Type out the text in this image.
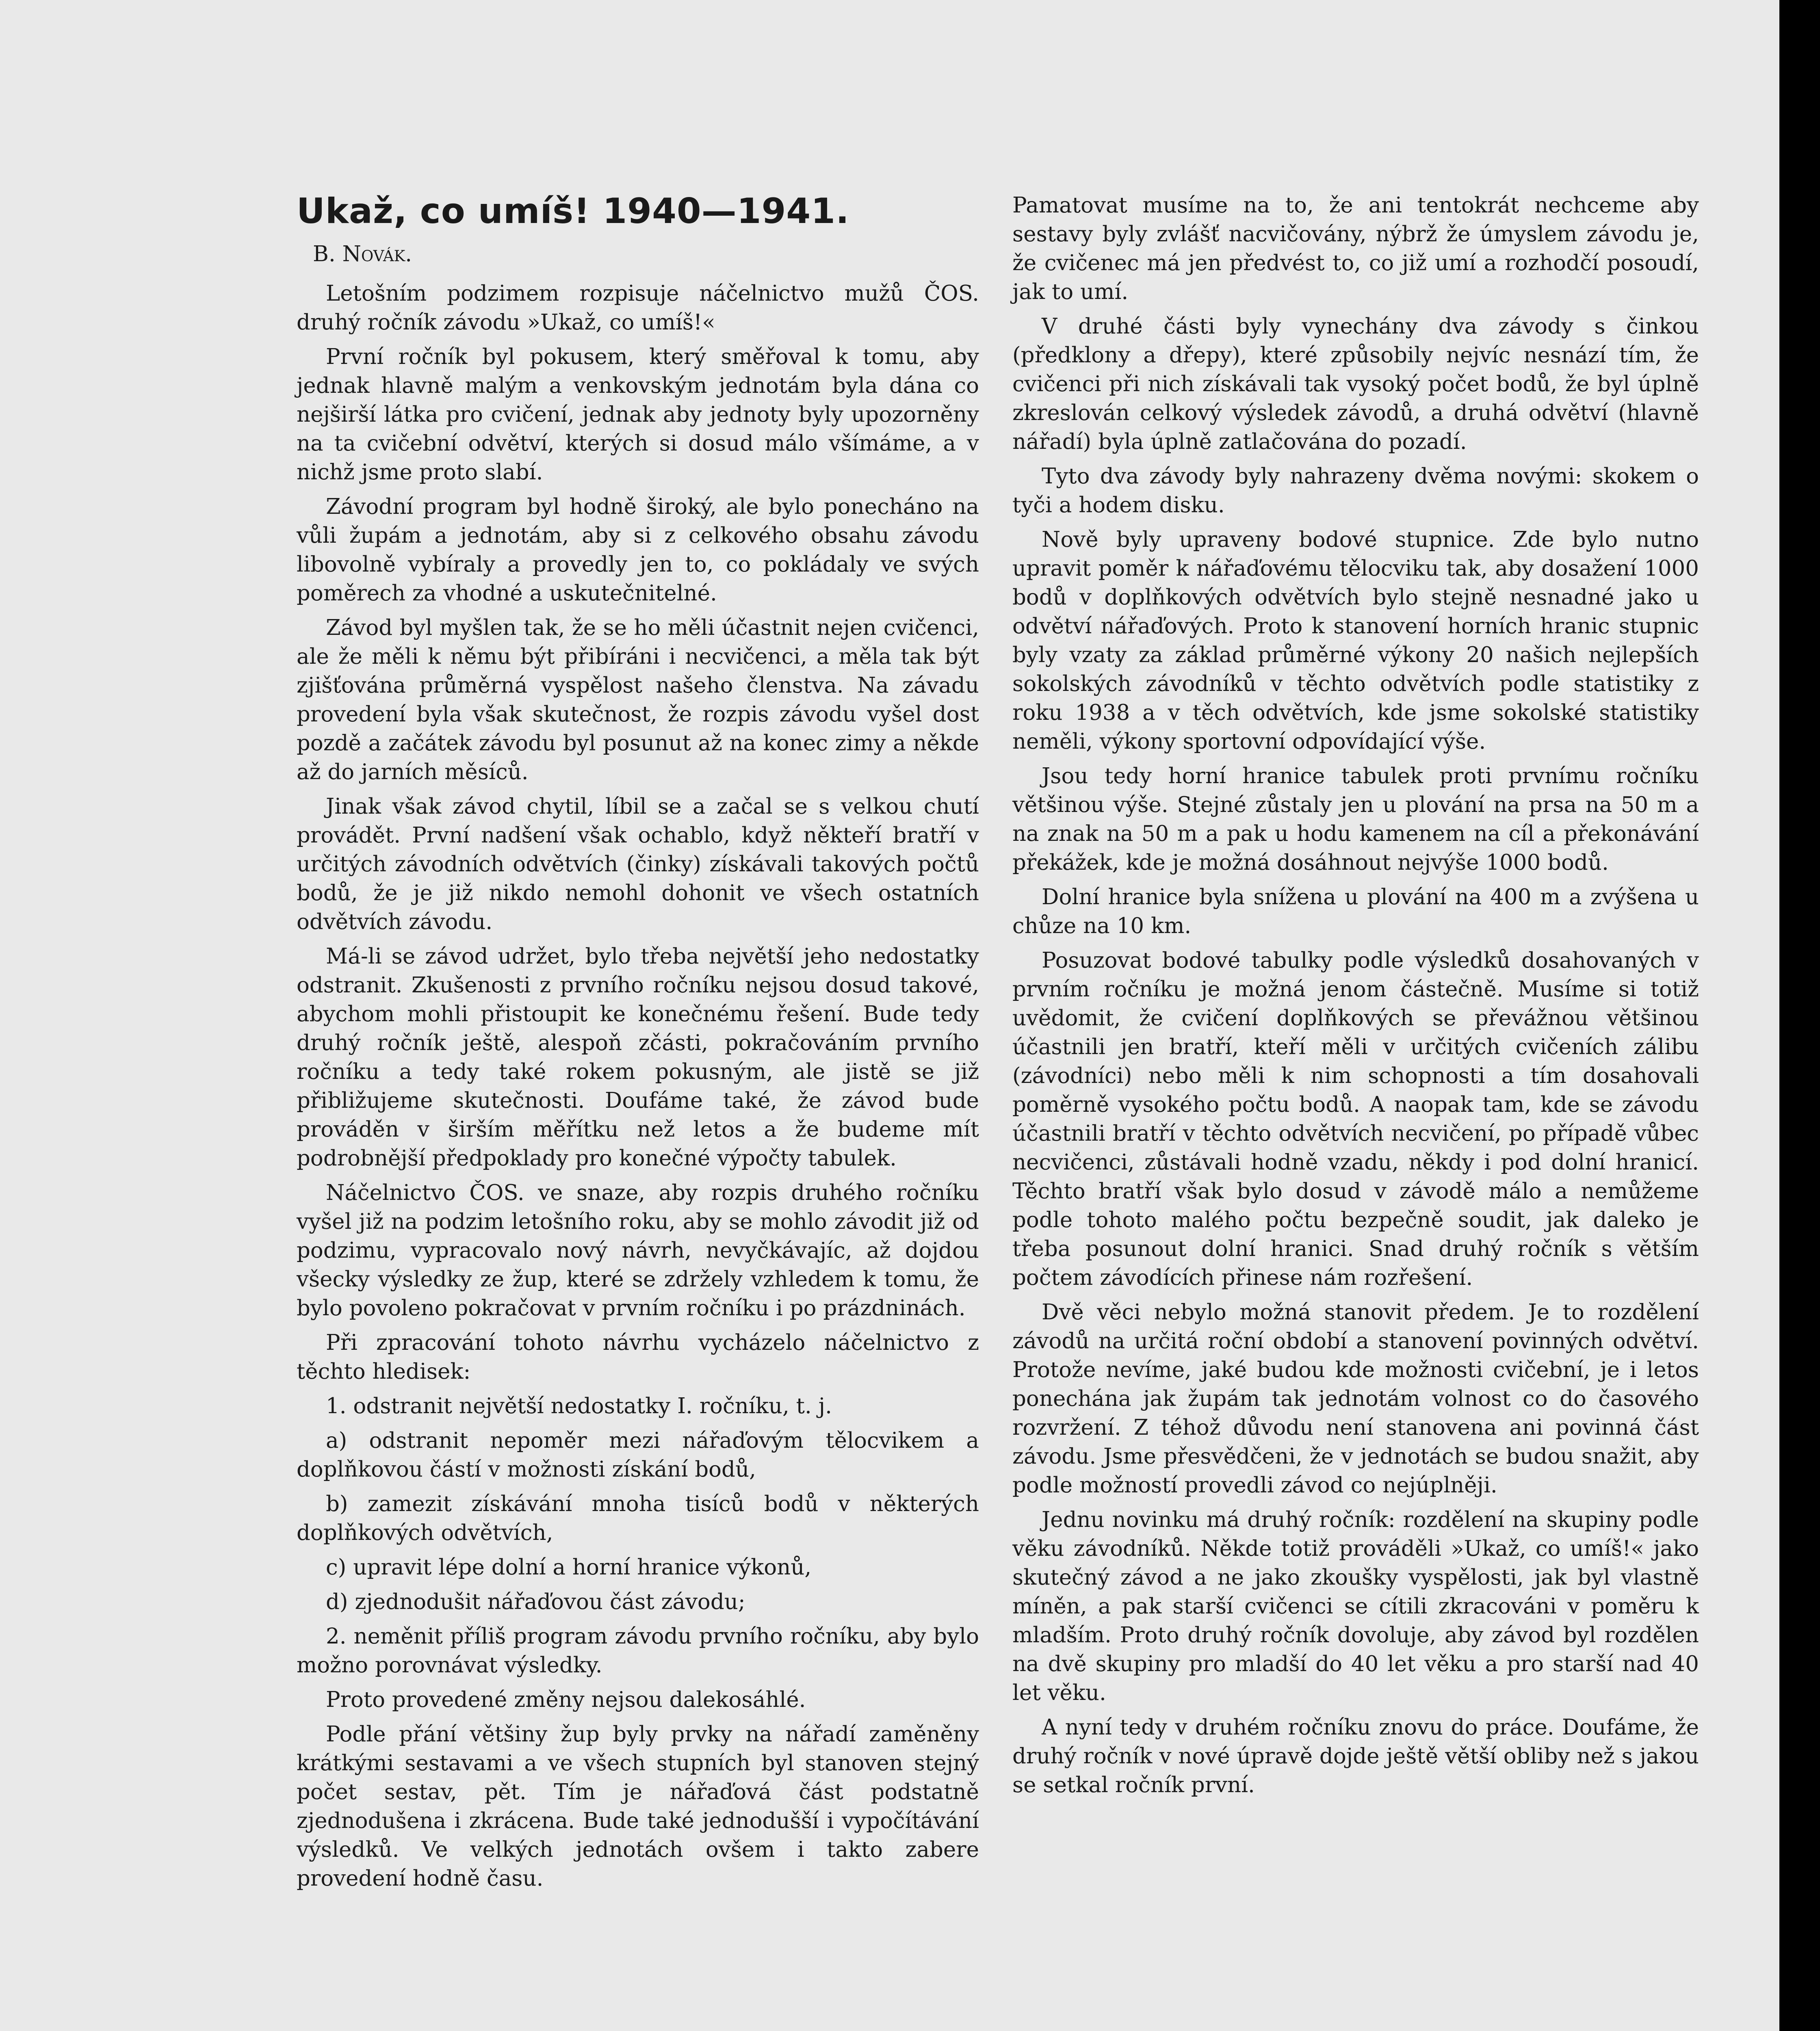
Ukaž, co umíš! 1940—1941.

B. Novák.

Letošním podzimem rozpisuje náčelnictvo mužů ČOS. druhý ročník závodu »Ukaž, co umíš!«

První ročník byl pokusem, který směřoval k tomu, aby jednak hlavně malým a venkovským jednotám byla dána co nejširší látka pro cvičení, jednak aby jednoty byly upozorněny na ta cvičební odvětví, kterých si dosud málo všímáme, a v nichž jsme proto slabí.

Závodní program byl hodně široký, ale bylo ponecháno na vůli župám a jednotám, aby si z celkového obsahu závodu libovolně vybíraly a provedly jen to, co pokládaly ve svých poměrech za vhodné a uskutečnitelné.

Závod byl myšlen tak, že se ho měli účastnit nejen cvičenci, ale že měli k němu být přibíráni i necvičenci, a měla tak být zjišťována průměrná vyspělost našeho členstva. Na závadu provedení byla však skutečnost, že rozpis závodu vyšel dost pozdě a začátek závodu byl posunut až na konec zimy a někde až do jarních měsíců.

Jinak však závod chytil, líbil se a začal se s velkou chutí provádět. První nadšení však ochablo, když někteří bratří v určitých závodních odvětvích (činky) získávali takových počtů bodů, že je již nikdo nemohl dohonit ve všech ostatních odvětvích závodu.

Má-li se závod udržet, bylo třeba největší jeho nedostatky odstranit. Zkušenosti z prvního ročníku nejsou dosud takové, abychom mohli přistoupit ke konečnému řešení. Bude tedy druhý ročník ještě, alespoň zčásti, pokračováním prvního ročníku a tedy také rokem pokusným, ale jistě se již přibližujeme skutečnosti. Doufáme také, že závod bude prováděn v širším měřítku než letos a že budeme mít podrobnější předpoklady pro konečné výpočty tabulek.

Náčelnictvo ČOS. ve snaze, aby rozpis druhého ročníku vyšel již na podzim letošního roku, aby se mohlo závodit již od podzimu, vypracovalo nový návrh, nevyčkávajíc, až dojdou všecky výsledky ze žup, které se zdržely vzhledem k tomu, že bylo povoleno pokračovat v prvním ročníku i po prázdninách.

Při zpracování tohoto návrhu vycházelo náčelnictvo z těchto hledisek:

1. odstranit největší nedostatky I. ročníku, t. j.

a) odstranit nepoměr mezi nářaďovým tělocvikem a doplňkovou částí v možnosti získání bodů,

b) zamezit získávání mnoha tisíců bodů v některých doplňkových odvětvích,

c) upravit lépe dolní a horní hranice výkonů,

d) zjednodušit nářaďovou část závodu;

2. neměnit příliš program závodu prvního ročníku, aby bylo možno porovnávat výsledky.

Proto provedené změny nejsou dalekosáhlé.

Podle přání většiny žup byly prvky na nářadí zaměněny krátkými sestavami a ve všech stupních byl stanoven stejný počet sestav, pět. Tím je nářaďová část podstatně zjednodušena i zkrácena. Bude také jednodušší i vypočítávání výsledků. Ve velkých jednotách ovšem i takto zabere provedení hodně času.

Pamatovat musíme na to, že ani tentokrát nechceme aby sestavy byly zvlášť nacvičovány, nýbrž že úmyslem závodu je, že cvičenec má jen předvést to, co již umí a rozhodčí posoudí, jak to umí.

V druhé části byly vynechány dva závody s činkou (předklony a dřepy), které způsobily nejvíc nesnází tím, že cvičenci při nich získávali tak vysoký počet bodů, že byl úplně zkreslován celkový výsledek závodů, a druhá odvětví (hlavně nářadí) byla úplně zatlačována do pozadí.

Tyto dva závody byly nahrazeny dvěma novými: skokem o tyči a hodem disku.

Nově byly upraveny bodové stupnice. Zde bylo nutno upravit poměr k nářaďovému tělocviku tak, aby dosažení 1000 bodů v doplňkových odvětvích bylo stejně nesnadné jako u odvětví nářaďových. Proto k stanovení horních hranic stupnic byly vzaty za základ průměrné výkony 20 našich nejlepších sokolských závodníků v těchto odvětvích podle statistiky z roku 1938 a v těch odvětvích, kde jsme sokolské statistiky neměli, výkony sportovní odpovídající výše.

Jsou tedy horní hranice tabulek proti prvnímu ročníku většinou výše. Stejné zůstaly jen u plování na prsa na 50 m a na znak na 50 m a pak u hodu kamenem na cíl a překonávání překážek, kde je možná dosáhnout nejvýše 1000 bodů.

Dolní hranice byla snížena u plování na 400 m a zvýšena u chůze na 10 km.

Posuzovat bodové tabulky podle výsledků dosahovaných v prvním ročníku je možná jenom částečně. Musíme si totiž uvědomit, že cvičení doplňkových se převážnou většinou účastnili jen bratří, kteří měli v určitých cvičeních zálibu (závodníci) nebo měli k nim schopnosti a tím dosahovali poměrně vysokého počtu bodů. A naopak tam, kde se závodu účastnili bratří v těchto odvětvích necvičení, po případě vůbec necvičenci, zůstávali hodně vzadu, někdy i pod dolní hranicí. Těchto bratří však bylo dosud v závodě málo a nemůžeme podle tohoto malého počtu bezpečně soudit, jak daleko je třeba posunout dolní hranici. Snad druhý ročník s větším počtem závodících přinese nám rozřešení.

Dvě věci nebylo možná stanovit předem. Je to rozdělení závodů na určitá roční období a stanovení povinných odvětví. Protože nevíme, jaké budou kde možnosti cvičební, je i letos ponechána jak župám tak jednotám volnost co do časového rozvržení. Z téhož důvodu není stanovena ani povinná část závodu. Jsme přesvědčeni, že v jednotách se budou snažit, aby podle možností provedli závod co nejúplněji.

Jednu novinku má druhý ročník: rozdělení na skupiny podle věku závodníků. Někde totiž prováděli »Ukaž, co umíš!« jako skutečný závod a ne jako zkoušky vyspělosti, jak byl vlastně míněn, a pak starší cvičenci se cítili zkracováni v poměru k mladším. Proto druhý ročník dovoluje, aby závod byl rozdělen na dvě skupiny pro mladší do 40 let věku a pro starší nad 40 let věku.

A nyní tedy v druhém ročníku znovu do práce. Doufáme, že druhý ročník v nové úpravě dojde ještě větší obliby než s jakou se setkal ročník první.
